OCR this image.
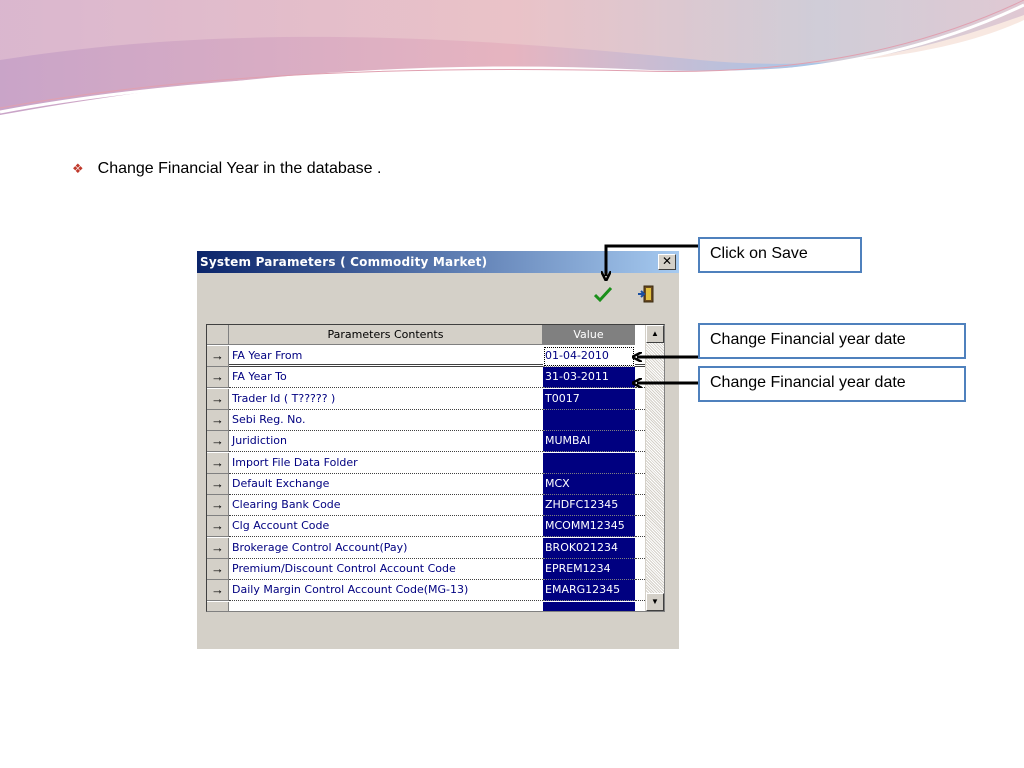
❖ Change Financial Year in the database .
System Parameters ( Commodity Market)	✕
Parameters Contents	Value
→ FA Year From	01-04-2010
→ FA Year To	31-03-2011
→ Trader Id ( T????? )	T0017
→ Sebi Reg. No.
→ Juridiction	MUMBAI
→ Import File Data Folder
→ Default Exchange	MCX
→ Clearing Bank Code	ZHDFC12345
→ Clg Account Code	MCOMM12345
→ Brokerage Control Account(Pay)	BROK021234
→ Premium/Discount Control Account Code	EPREM1234
→ Daily Margin Control Account Code(MG-13)	EMARG12345
▲
▼
Click on Save
Change Financial year date
Change Financial year date
